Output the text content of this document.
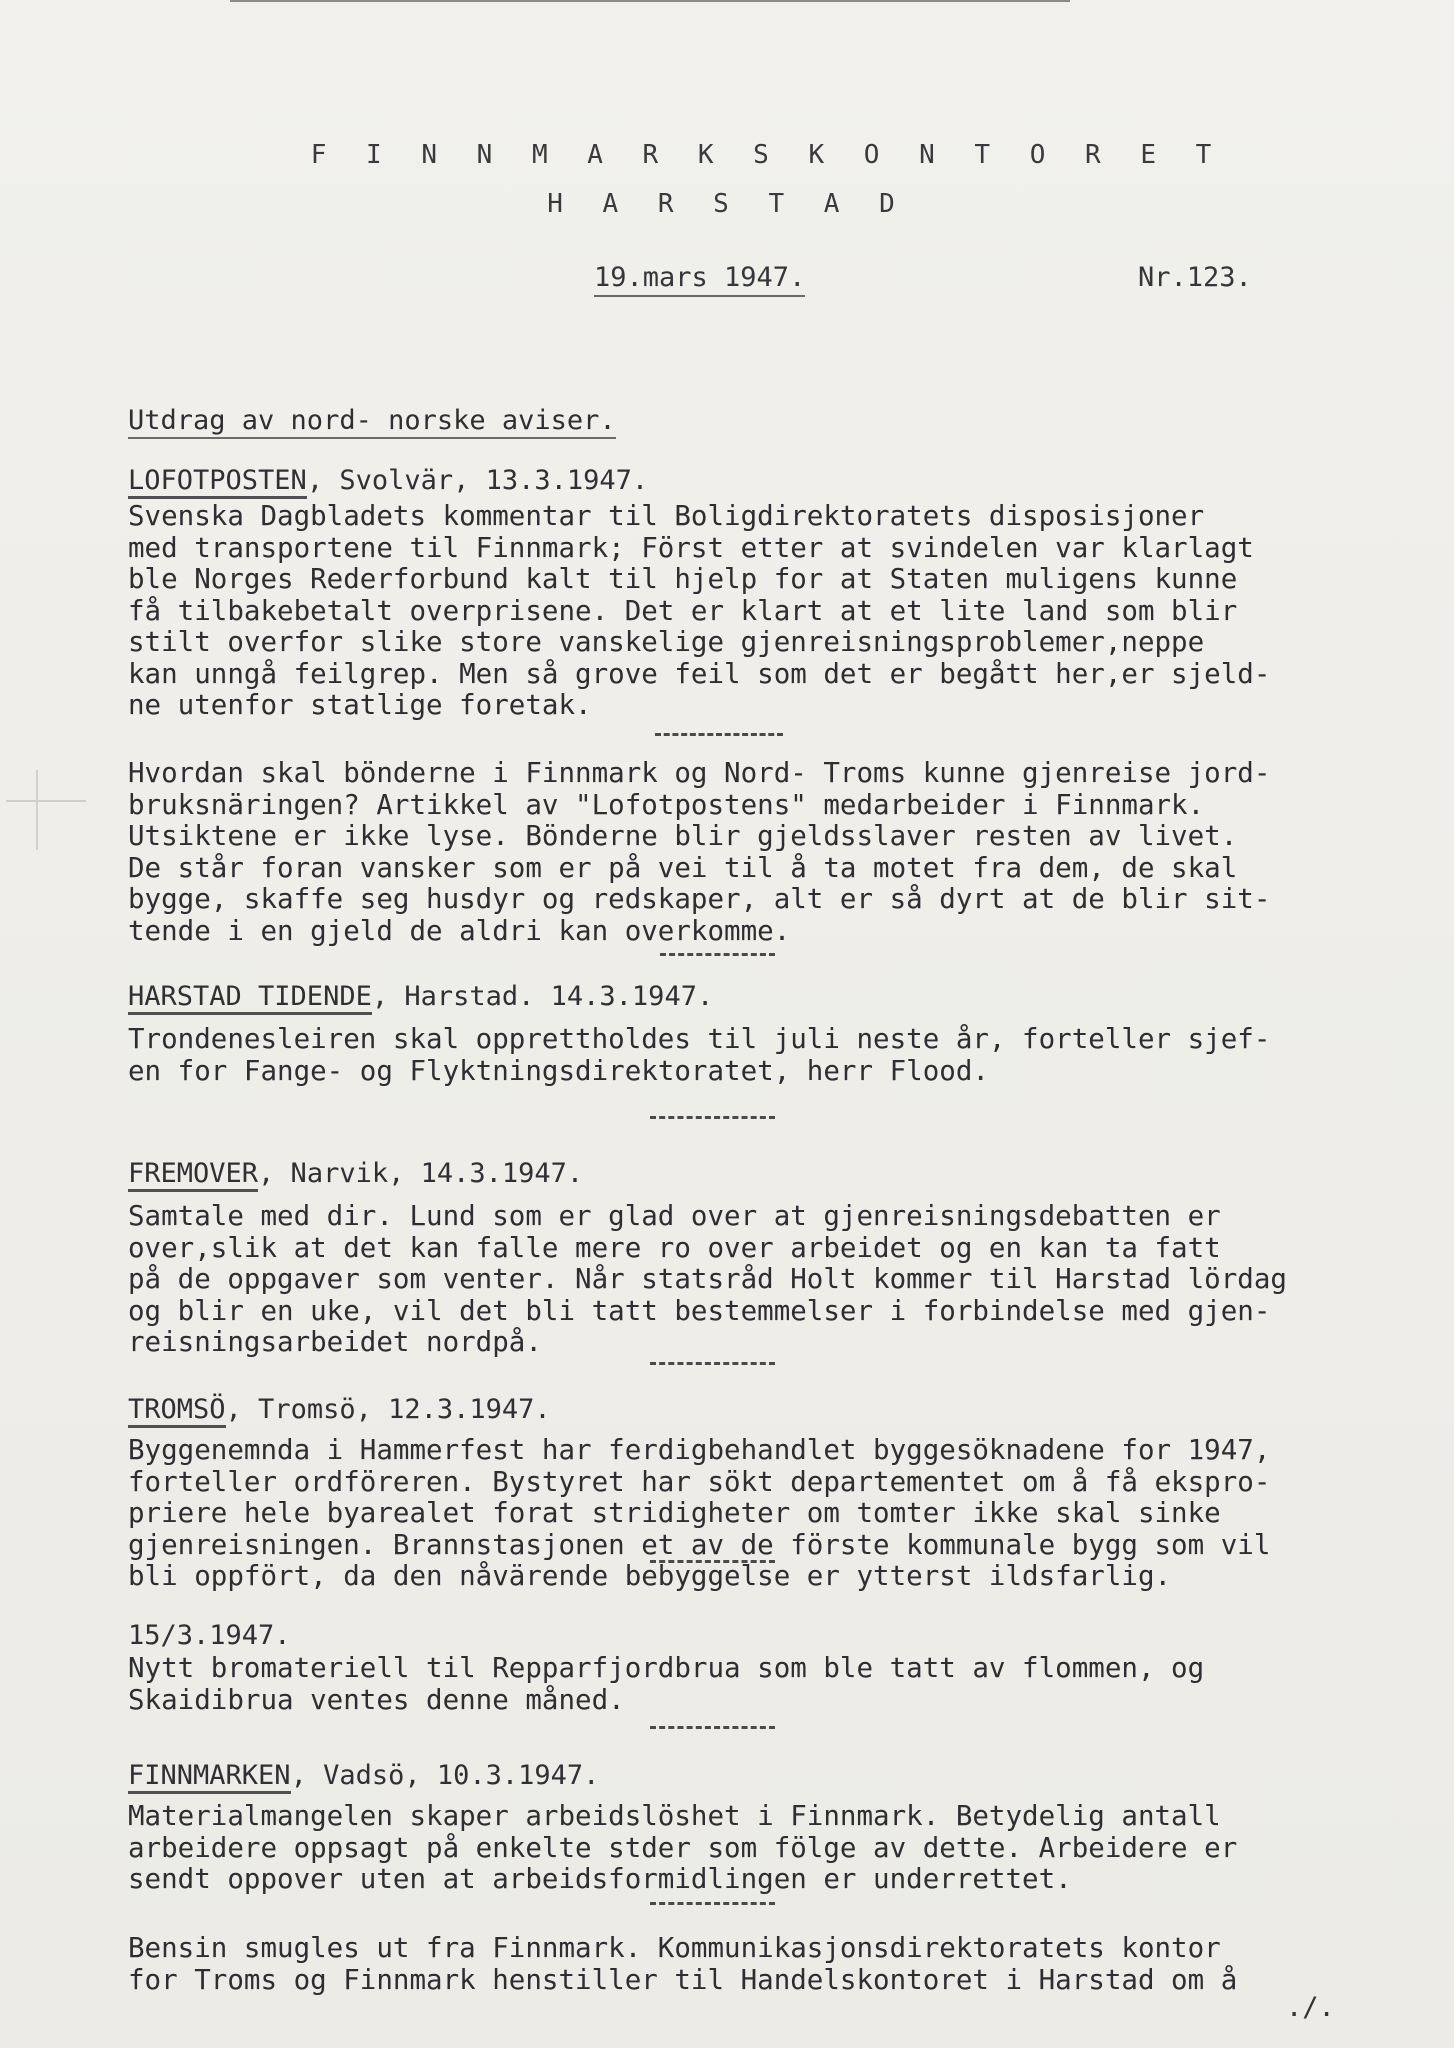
F I N N M A R K S K O N T O R E T
H A R S T A D
19.mars 1947.	Nr.123.
Utdrag av nord- norske aviser.
LOFOTPOSTEN, Svolvär, 13.3.1947.
Svenska Dagbladets kommentar til Boligdirektoratets disposisjoner
med transportene til Finnmark; Först etter at svindelen var klarlagt
ble Norges Rederforbund kalt til hjelp for at Staten muligens kunne
få tilbakebetalt overprisene. Det er klart at et lite land som blir
stilt overfor slike store vanskelige gjenreisningsproblemer,neppe
kan unngå feilgrep. Men så grove feil som det er begått her,er sjeld-
ne utenfor statlige foretak.
Hvordan skal bönderne i Finnmark og Nord- Troms kunne gjenreise jord-
bruksnäringen? Artikkel av "Lofotpostens" medarbeider i Finnmark.
Utsiktene er ikke lyse. Bönderne blir gjeldsslaver resten av livet.
De står foran vansker som er på vei til å ta motet fra dem, de skal
bygge, skaffe seg husdyr og redskaper, alt er så dyrt at de blir sit-
tende i en gjeld de aldri kan overkomme.
HARSTAD TIDENDE, Harstad. 14.3.1947.
Trondenesleiren skal opprettholdes til juli neste år, forteller sjef-
en for Fange- og Flyktningsdirektoratet, herr Flood.
FREMOVER, Narvik, 14.3.1947.
Samtale med dir. Lund som er glad over at gjenreisningsdebatten er
over,slik at det kan falle mere ro over arbeidet og en kan ta fatt
på de oppgaver som venter. Når statsråd Holt kommer til Harstad lördag
og blir en uke, vil det bli tatt bestemmelser i forbindelse med gjen-
reisningsarbeidet nordpå.
TROMSÖ, Tromsö, 12.3.1947.
Byggenemnda i Hammerfest har ferdigbehandlet byggesöknadene for 1947,
forteller ordföreren. Bystyret har sökt departementet om å få ekspro-
priere hele byarealet forat stridigheter om tomter ikke skal sinke
gjenreisningen. Brannstasjonen et av de förste kommunale bygg som vil
bli oppfört, da den nåvärende bebyggelse er ytterst ildsfarlig.
15/3.1947.
Nytt bromateriell til Repparfjordbrua som ble tatt av flommen, og
Skaidibrua ventes denne måned.
FINNMARKEN, Vadsö, 10.3.1947.
Materialmangelen skaper arbeidslöshet i Finnmark. Betydelig antall
arbeidere oppsagt på enkelte stder som fölge av dette. Arbeidere er
sendt oppover uten at arbeidsformidlingen er underrettet.
Bensin smugles ut fra Finnmark. Kommunikasjonsdirektoratets kontor
for Troms og Finnmark henstiller til Handelskontoret i Harstad om å
./.
